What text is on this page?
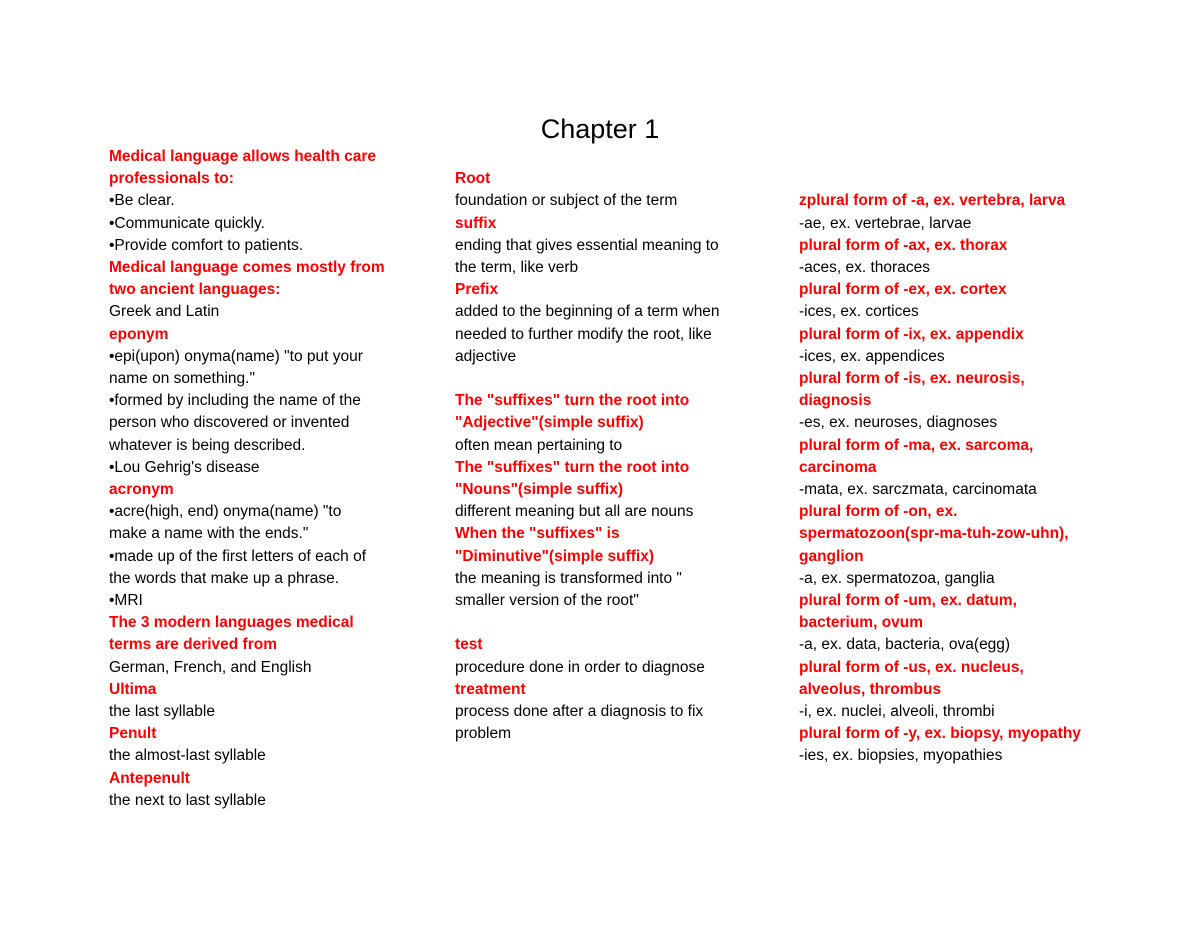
Chapter 1
Medical language allows health care
professionals to:
•Be clear.
•Communicate quickly.
•Provide comfort to patients.
Medical language comes mostly from
two ancient languages:
Greek and Latin
eponym
•epi(upon) onyma(name) "to put your
name on something."
•formed by including the name of the
person who discovered or invented
whatever is being described.
•Lou Gehrig's disease
acronym
•acre(high, end) onyma(name) "to
make a name with the ends."
•made up of the first letters of each of
the words that make up a phrase.
•MRI
The 3 modern languages medical
terms are derived from
German, French, and English
Ultima
the last syllable
Penult
the almost-last syllable
Antepenult
the next to last syllable
Root
foundation or subject of the term
suffix
ending that gives essential meaning to
the term, like verb
Prefix
added to the beginning of a term when
needed to further modify the root, like
adjective
The "suffixes" turn the root into
"Adjective"(simple suffix)
often mean pertaining to
The "suffixes" turn the root into
"Nouns"(simple suffix)
different meaning but all are nouns
When the "suffixes" is
"Diminutive"(simple suffix)
the meaning is transformed into "
smaller version of the root"
test
procedure done in order to diagnose
treatment
process done after a diagnosis to fix
problem
zplural form of -a, ex. vertebra, larva
-ae, ex. vertebrae, larvae
plural form of -ax, ex. thorax
-aces, ex. thoraces
plural form of -ex, ex. cortex
-ices, ex. cortices
plural form of -ix, ex. appendix
-ices, ex. appendices
plural form of -is, ex. neurosis,
diagnosis
-es, ex. neuroses, diagnoses
plural form of -ma, ex. sarcoma,
carcinoma
-mata, ex. sarczmata, carcinomata
plural form of -on, ex.
spermatozoon(spr-ma-tuh-zow-uhn),
ganglion
-a, ex. spermatozoa, ganglia
plural form of -um, ex. datum,
bacterium, ovum
-a, ex. data, bacteria, ova(egg)
plural form of -us, ex. nucleus,
alveolus, thrombus
-i, ex. nuclei, alveoli, thrombi
plural form of -y, ex. biopsy, myopathy
-ies, ex. biopsies, myopathies
